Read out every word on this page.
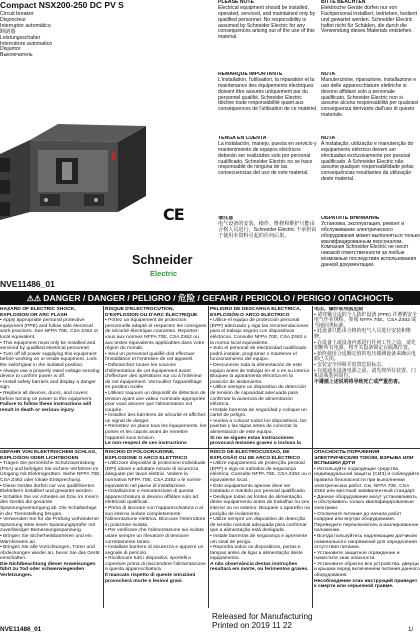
Compact NSX200-250 DC PV S
Circuit breaker
Disjoncteur
Interruptor automático
断路器
Leistungsschalter
Interruttore automatico
Disjuntor
Выключатель
CE
Schneider
Electric
NVE11486_01
PLEASE NOTE
Electrical equipment should be installed, operated, serviced, and maintained only by qualified personnel. No responsibility is assumed by Schneider Electric for any consequences arising out of the use of this material.
BITTE BEACHTEN
Elektrische Geräte dürfen nur von Fachpersonal installiert, betrieben, bedient und gewartet werden. Schneider Electric haftet nicht für Schäden, die durch die Verwendung dieses Materials entstehen.
REMARQUE IMPORTANTE
L'installation, l'utilisation, la réparation et la maintenance des équipements électriques doivent être assurés uniquement par du personnel qualifié. Schneider Electric décline toute responsabilité quant aux conséquences de l'utilisation de ce matériel.
NOTA
Manutenzione, riparazione, installazione e uso delle apparecchiature elettriche si devono affidare solo a personale qualificato. Schneider Electric non si assume alcuna responsabilità per qualsiasi conseguenza derivante dall'uso di questo materiale.
TENGA EN CUENTA
La instalación, manejo, puesta en servicio y mantenimiento de equipos eléctricos deberán ser realizados solo por personal cualificado. Schneider Electric no se hace responsable de ninguna de las consecuencias del uso de este material.
NOTA
A instalação, utilização e manutenção do equipamento eléctrico devem ser efectuadas exclusivamente por pessoal qualificado. A Schneider Electric não assume qualquer responsabilidade pelas consequências resultantes da utilização deste material.
请注意
电气设备的安装、操作、维修和维护只能由合格人员进行。Schneider Electric 不承担由于使用本资料引起的任何后果。
ОБРАТИТЕ ВНИМАНИЕ
Установка, эксплуатация, ремонт и обслуживание электрического оборудования может выполняться только квалифицированным персоналом. Компания Schneider Electric не несет никакой ответственности за любые возможные последствия использования данной документации.
⚠⚠ DANGER / DANGER / PELIGRO / 危险 / GEFAHR / PERICOLO / PERIGO / ОПАСНОСТЬ
HAZARD OF ELECTRIC SHOCK, EXPLOSION OR ARC FLASH
• Apply appropriate personal protective equipment (PPE) and follow safe electrical work practices. See NFPA 70E, CSA Z462 or local equivalent.
• This equipment must only be installed and serviced by qualified electrical personnel.
• Turn off all power supplying this equipment before working on or inside equipment. Lock the switchgear in the isolated position.
• Always use a properly rated voltage sensing device to confirm power is off.
• Install safety barriers and display a danger sign.
• Replace all devices, doors, and covers before turning on power to this equipment.
Failure to follow these instructions will result in death or serious injury.
RISQUE D'ÉLECTROCUTION, D'EXPLOSION OU D'ARC ÉLECTRIQUE
• Portez un équipement de protection personnelle adapté et respectez les consignes de sécurité électrique courantes. Reportez-vous aux normes NFPA 70E, CSA Z462 ou aux textes équivalents applicables dans votre région du monde.
• Seul un personnel qualifié doit effectuer l'installation et l'entretien de cet appareil.
• Débranchez toutes les sources d'alimentation de cet équipement avant d'effectuer des opérations sur ou à l'intérieur de cet équipement. Verrouillez l'appareillage en position isolée.
• Utilisez toujours un dispositif de détection de tension ayant une valeur nominale appropriée pour vous assurer que l'alimentation est coupée.
• Installez des barrières de sécurité et affichez un signal de danger.
• Remettez en place tous les équipements, les portes et les capots avant de remettre l'appareil sous tension.
Le non-respect de ces instructions
PELIGRO DE DESCARGA ELÉCTRICA, EXPLOSIÓN O ARCO ELÉCTRICO
• Utilice el equipo de protección personal (EPP) adecuado y siga las recomendaciones para el trabajo seguro con dispositivos eléctricos. Consulte NFPA 70E, CSA Z462 o la norma local equivalente.
• Solo el personal de electricidad cualificado podrá instalar, programar o mantener el funcionamiento del equipo.
• Desconecte toda la alimentación de este equipo antes de trabajar en el o en su interior. Bloquee la aparamenta eléctrica en la posición de aislamiento.
• Utilice siempre un dispositivo de detección de tensión de capacidad adecuada para confirmar la ausencia de alimentación eléctrica.
• Instale barreras de seguridad y coloque un cartel de peligro.
• Vuelva a colocar todos los dispositivos, las puertas y las tapas antes de conectar la alimentación de este equipo.
Si no se siguen estas instrucciones provocará lesiones graves o incluso la
电击、爆炸或电弧危险
• 请穿戴合适的个人防护设备 (PPE) 并遵循安全电气作业规程。参阅 NFPA 70E、CSA Z462 或当地同类标准。
• 此设备只能由合格的电气人员进行安装和维修。
• 在设备上或设备内部进行任何工作之前，请先切断所有电源。将开关设备锁定在隔离位置。
• 始终使用合适额定值的电压感测设备来确认电源已关闭。
• 安装安全屏障并放置危险标志。
• 在接通本设备电源之前，请先将所有装置、门和盖板装回原位。
不遵循上述说明将导致死亡或严重伤害。
GEFAHR VON ELEKTRISCHEM SCHLAG, EXPLOSION ODER LICHTBOGEN
• Tragen Sie persönliche Schutzausrüstung (PSA) und befolgen Sie sichere Verfahren im Umgang mit Elektrogeräten. Siehe NFPA 70E, CSA Z462 oder lokale Entsprechung.
• Diese Geräte dürfen nur von qualifizierten Elektrikern installiert und gewartet werden.
• Schalten Sie vor Arbeiten an bzw. im Innern des Geräts die gesamte Spannungsversorgung ab. Die Schaltanlage in der Trennstellung bringen.
• Verwenden Sie für die Prüfung vorhandener Spannung stets einen Spannungsprüfer mit zuverlässiger Bemessungsspannung.
• Bringen Sie Sicherheitsbarrieren und ein Warnhinweis an.
• Bringen Sie alle Vorrichtungen, Türen und Abdeckungen wieder an, bevor Sie das Gerät einschalten.
Die Nichtbeachtung dieser Anweisungen führt zu Tod oder schwerwiegenden Verletzungen.
RISCHIO DI FOLGORAZIONE, ESPLOSIONE O ARCO ELETTRICO
• Utilizzare dispositivi di protezione individuale (DPI) idonei e adottare misure di sicurezza adeguate per lavori elettrici. Vedere la normativa NFPA 70E, CSA Z462 o le norme equivalenti nel paese di installazione.
• Installazione e manutenzione di questa apparecchiatura si devono affidare solo ad elettricisti qualificati.
• Prima di lavorare con l'apparecchiatura o al suo interno isolare completamente l'alimentazione elettrica. Bloccare l'interruttore in posizione isolata.
• Per verificare che l'alimentazione sia isolata usare sempre un rilevatore di tensione correttamente tarato.
• Installare barriere di sicurezza e apporre un segnale di pericolo.
• Ricollocare tutti i dispositivi, sportelli e coperture prima di riaccendere l'alimentazione a questa apparecchiatura.
Il mancato rispetto di queste istruzioni provocherà morte o lesioni gravi.
RISCO DE ELECTROCUSSÃO, DE EXPLOSÃO OU DE ARCO ELÉCTRICO
• Utilize equipamento de protecção pessoal (EPP) e siga os métodos de segurança eléctrica. Consulte NFPA 70E, CSA Z462 ou o equivalente local.
• Este equipamento apenas deve ser instalado e mantido por pessoal qualificado.
• Desligue todas as fontes de alimentação deste equipamento antes de trabalhar no seu interior ou no exterior. Bloqueie o aparelho na posição de isolamento.
• Utilize sempre um dispositivo de detecção de tensão nominal adequada para confirmar que a alimentação está desligada.
• Instale barreiras de segurança e apresente um sinal de perigo.
• Reponha todos os dispositivos, portas e tampas antes de ligar a alimentação deste equipamento.
A não observância destas instruções resultará em morte, ou ferimentos graves.
ОПАСНОСТЬ ПОРАЖЕНИЯ ЭЛЕКТРИЧЕСКИМ ТОКОМ, ВЗРЫВА ИЛИ ВСПЫШКИ ДУГИ
• Используйте подходящие средства индивидуальной защиты (СИЗ) и соблюдайте правила безопасности при выполнении электрических работ. См. NFPA 70E, CSA Z462 или местный эквивалентный стандарт.
• Данное оборудование могут устанавливать и обслуживать только квалифицированные электрики.
• Отключите питание до начала работ снаружи или внутри оборудования. Переведите переключатель в изолированное положение.
• Всегда пользуйтесь надлежащим датчиком номинального напряжения для определения отсутствия питания.
• Установите защитное ограждение и поместите знак опасности.
• Установите обратно все устройства, дверцы и крышки перед включением питания данного оборудования.
Несоблюдение этих инструкций приведет к смерти или серьезной травме.
NVE11486_01
Released for Manufacturing
Printed on 2019 11 22	1/
